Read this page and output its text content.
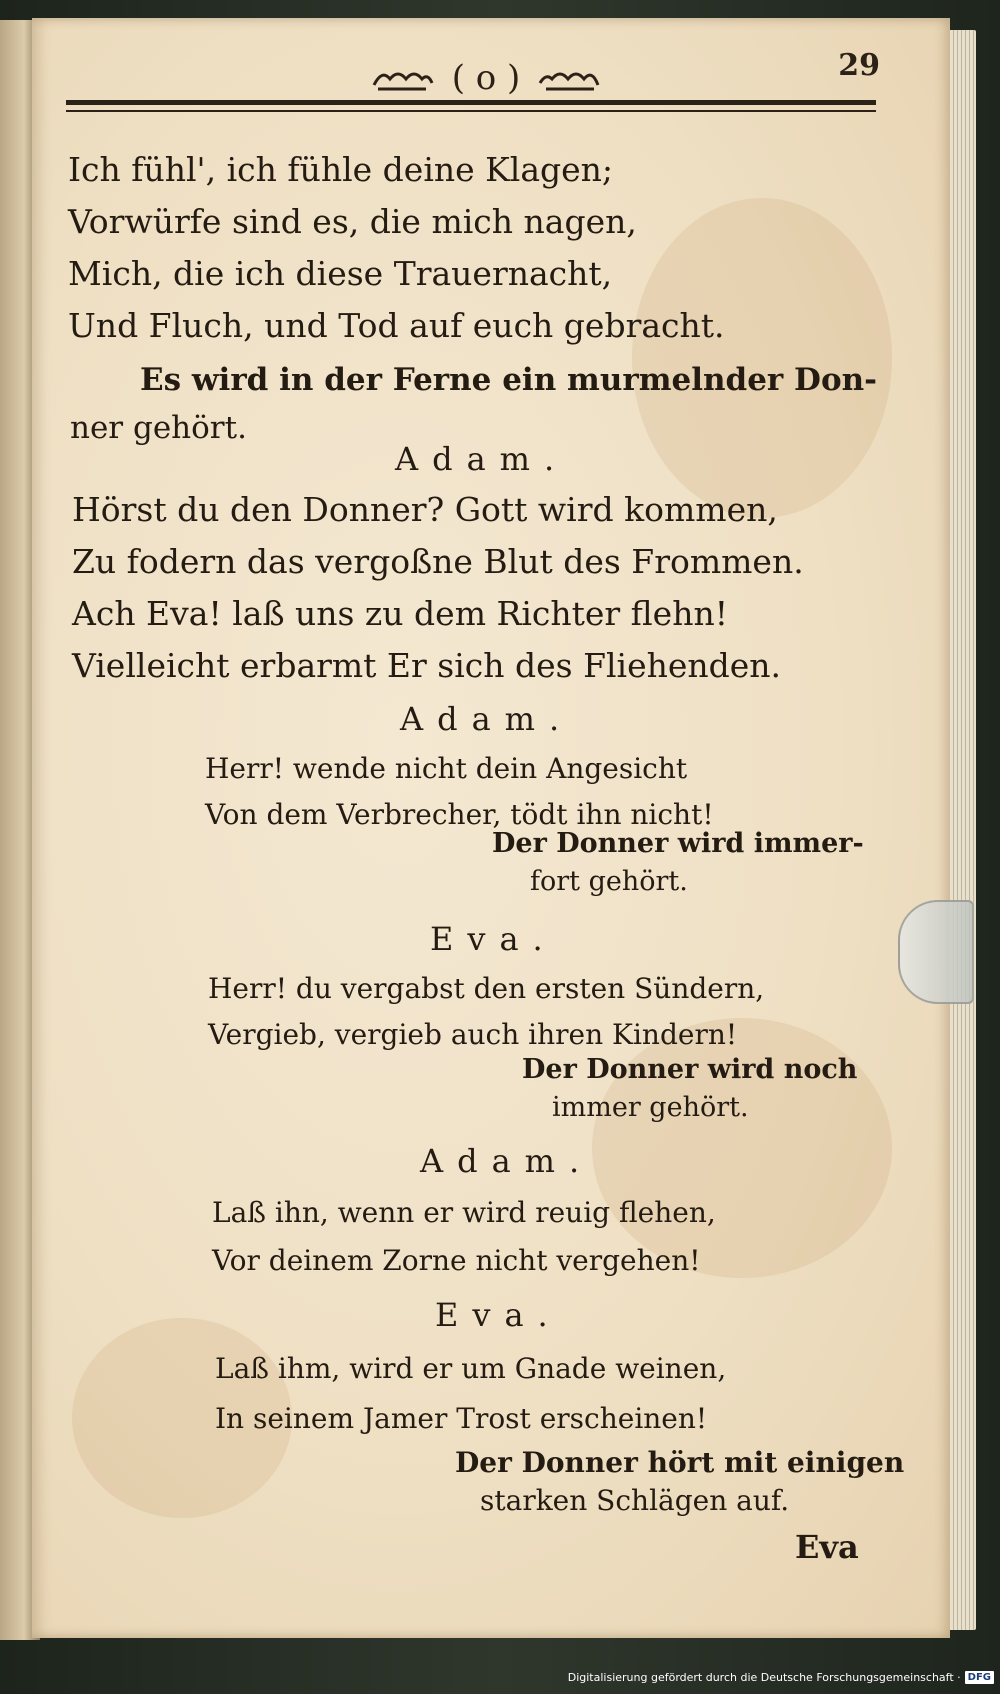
( o )	29
Ich fühl', ich fühle deine Klagen;
Vorwürfe sind es, die mich nagen,
Mich, die ich diese Trauernacht,
Und Fluch, und Tod auf euch gebracht.
Es wird in der Ferne ein murmelnder Don-
ner gehört.
Adam.
Hörst du den Donner? Gott wird kommen,
Zu fodern das vergoßne Blut des Frommen.
Ach Eva! laß uns zu dem Richter flehn!
Vielleicht erbarmt Er sich des Fliehenden.
Adam.
Herr! wende nicht dein Angesicht
Von dem Verbrecher, tödt ihn nicht!
Der Donner wird immer-
fort gehört.
Eva.
Herr! du vergabst den ersten Sündern,
Vergieb, vergieb auch ihren Kindern!
Der Donner wird noch
immer gehört.
Adam.
Laß ihn, wenn er wird reuig flehen,
Vor deinem Zorne nicht vergehen!
Eva.
Laß ihm, wird er um Gnade weinen,
In seinem Jamer Trost erscheinen!
Der Donner hört mit einigen
starken Schlägen auf.
Eva
Digitalisierung gefördert durch die Deutsche Forschungsgemeinschaft · DFG
